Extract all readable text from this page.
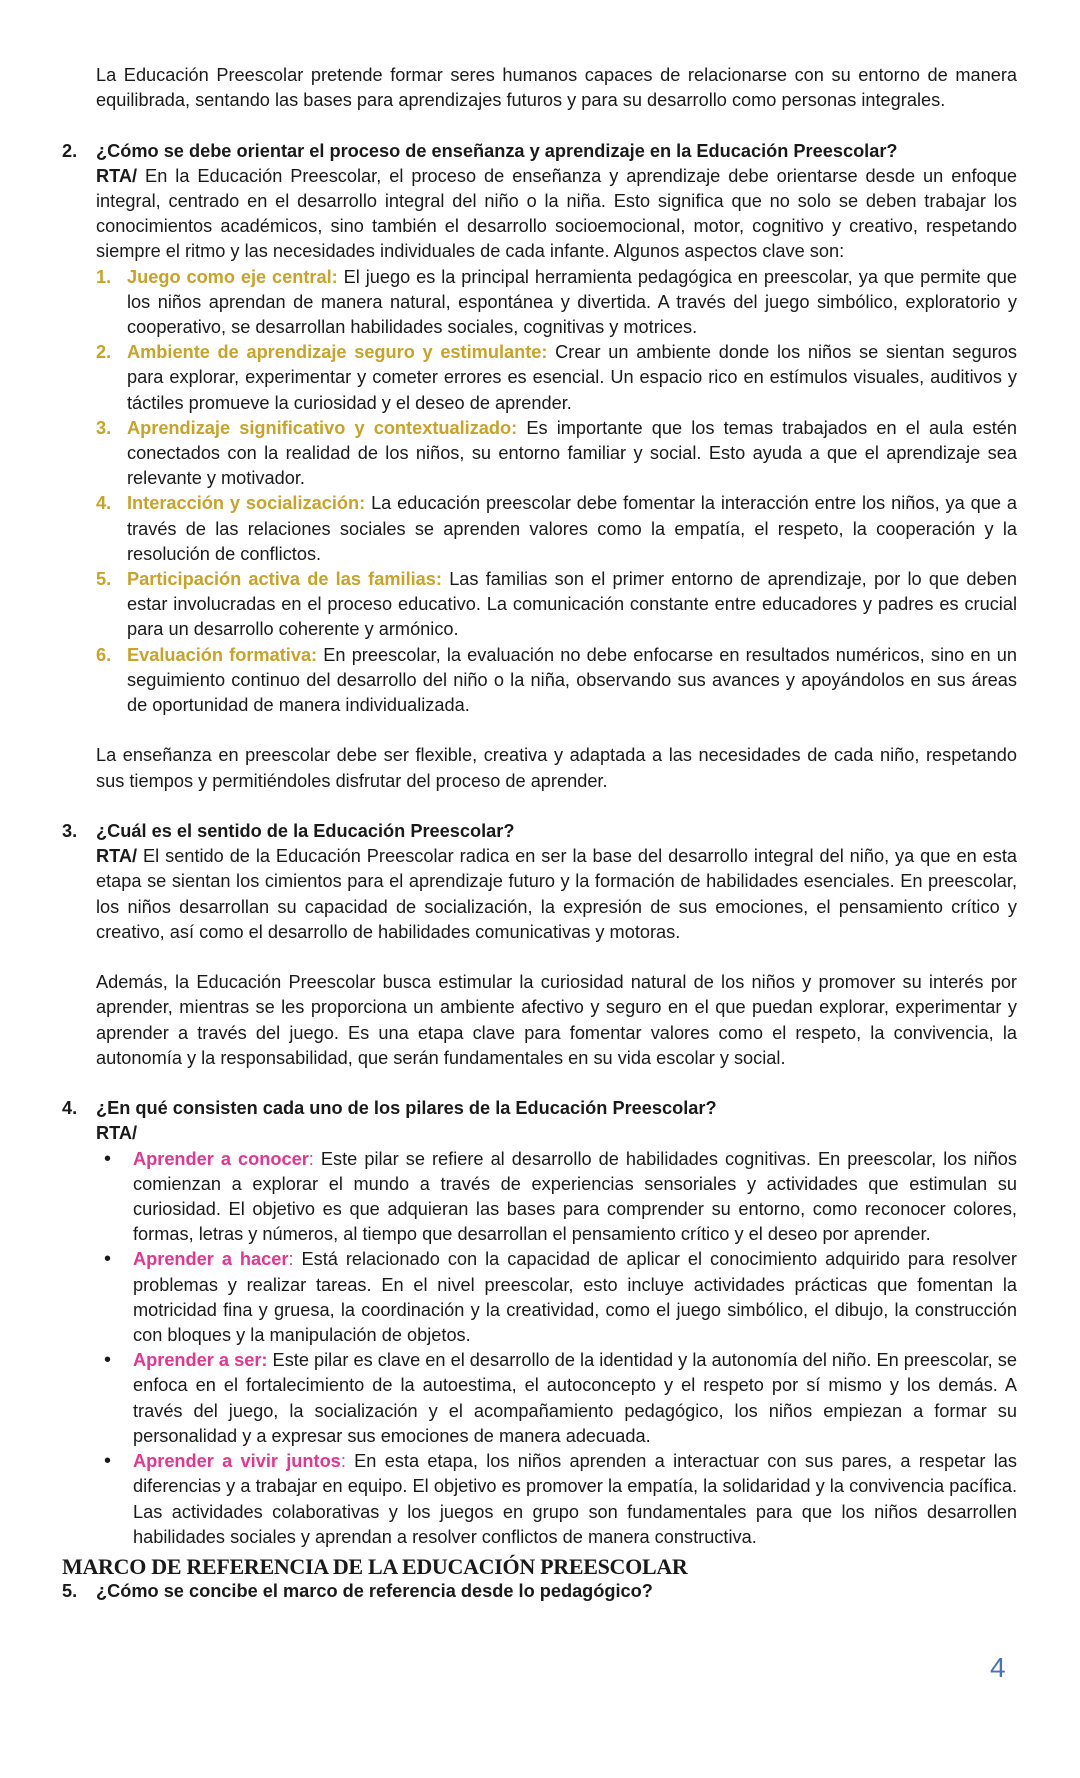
La Educación Preescolar pretende formar seres humanos capaces de relacionarse con su entorno de manera equilibrada, sentando las bases para aprendizajes futuros y para su desarrollo como personas integrales.

2.	¿Cómo se debe orientar el proceso de enseñanza y aprendizaje en la Educación Preescolar?

RTA/ En la Educación Preescolar, el proceso de enseñanza y aprendizaje debe orientarse desde un enfoque integral, centrado en el desarrollo integral del niño o la niña. Esto significa que no solo se deben trabajar los conocimientos académicos, sino también el desarrollo socioemocional, motor, cognitivo y creativo, respetando siempre el ritmo y las necesidades individuales de cada infante. Algunos aspectos clave son:

1. Juego como eje central: El juego es la principal herramienta pedagógica en preescolar, ya que permite que los niños aprendan de manera natural, espontánea y divertida. A través del juego simbólico, exploratorio y cooperativo, se desarrollan habilidades sociales, cognitivas y motrices.

2. Ambiente de aprendizaje seguro y estimulante: Crear un ambiente donde los niños se sientan seguros para explorar, experimentar y cometer errores es esencial. Un espacio rico en estímulos visuales, auditivos y táctiles promueve la curiosidad y el deseo de aprender.

3. Aprendizaje significativo y contextualizado: Es importante que los temas trabajados en el aula estén conectados con la realidad de los niños, su entorno familiar y social. Esto ayuda a que el aprendizaje sea relevante y motivador.

4. Interacción y socialización: La educación preescolar debe fomentar la interacción entre los niños, ya que a través de las relaciones sociales se aprenden valores como la empatía, el respeto, la cooperación y la resolución de conflictos.

5. Participación activa de las familias: Las familias son el primer entorno de aprendizaje, por lo que deben estar involucradas en el proceso educativo. La comunicación constante entre educadores y padres es crucial para un desarrollo coherente y armónico.

6. Evaluación formativa: En preescolar, la evaluación no debe enfocarse en resultados numéricos, sino en un seguimiento continuo del desarrollo del niño o la niña, observando sus avances y apoyándolos en sus áreas de oportunidad de manera individualizada.

La enseñanza en preescolar debe ser flexible, creativa y adaptada a las necesidades de cada niño, respetando sus tiempos y permitiéndoles disfrutar del proceso de aprender.

3.	¿Cuál es el sentido de la Educación Preescolar?

RTA/ El sentido de la Educación Preescolar radica en ser la base del desarrollo integral del niño, ya que en esta etapa se sientan los cimientos para el aprendizaje futuro y la formación de habilidades esenciales. En preescolar, los niños desarrollan su capacidad de socialización, la expresión de sus emociones, el pensamiento crítico y creativo, así como el desarrollo de habilidades comunicativas y motoras.

Además, la Educación Preescolar busca estimular la curiosidad natural de los niños y promover su interés por aprender, mientras se les proporciona un ambiente afectivo y seguro en el que puedan explorar, experimentar y aprender a través del juego. Es una etapa clave para fomentar valores como el respeto, la convivencia, la autonomía y la responsabilidad, que serán fundamentales en su vida escolar y social.

4.	¿En qué consisten cada uno de los pilares de la Educación Preescolar?

RTA/

•	Aprender a conocer: Este pilar se refiere al desarrollo de habilidades cognitivas. En preescolar, los niños comienzan a explorar el mundo a través de experiencias sensoriales y actividades que estimulan su curiosidad. El objetivo es que adquieran las bases para comprender su entorno, como reconocer colores, formas, letras y números, al tiempo que desarrollan el pensamiento crítico y el deseo por aprender.

•	Aprender a hacer: Está relacionado con la capacidad de aplicar el conocimiento adquirido para resolver problemas y realizar tareas. En el nivel preescolar, esto incluye actividades prácticas que fomentan la motricidad fina y gruesa, la coordinación y la creatividad, como el juego simbólico, el dibujo, la construcción con bloques y la manipulación de objetos.

•	Aprender a ser: Este pilar es clave en el desarrollo de la identidad y la autonomía del niño. En preescolar, se enfoca en el fortalecimiento de la autoestima, el autoconcepto y el respeto por sí mismo y los demás. A través del juego, la socialización y el acompañamiento pedagógico, los niños empiezan a formar su personalidad y a expresar sus emociones de manera adecuada.

•	Aprender a vivir juntos: En esta etapa, los niños aprenden a interactuar con sus pares, a respetar las diferencias y a trabajar en equipo. El objetivo es promover la empatía, la solidaridad y la convivencia pacífica. Las actividades colaborativas y los juegos en grupo son fundamentales para que los niños desarrollen habilidades sociales y aprendan a resolver conflictos de manera constructiva.

MARCO DE REFERENCIA DE LA EDUCACIÓN PREESCOLAR
5.	¿Cómo se concibe el marco de referencia desde lo pedagógico?
4
